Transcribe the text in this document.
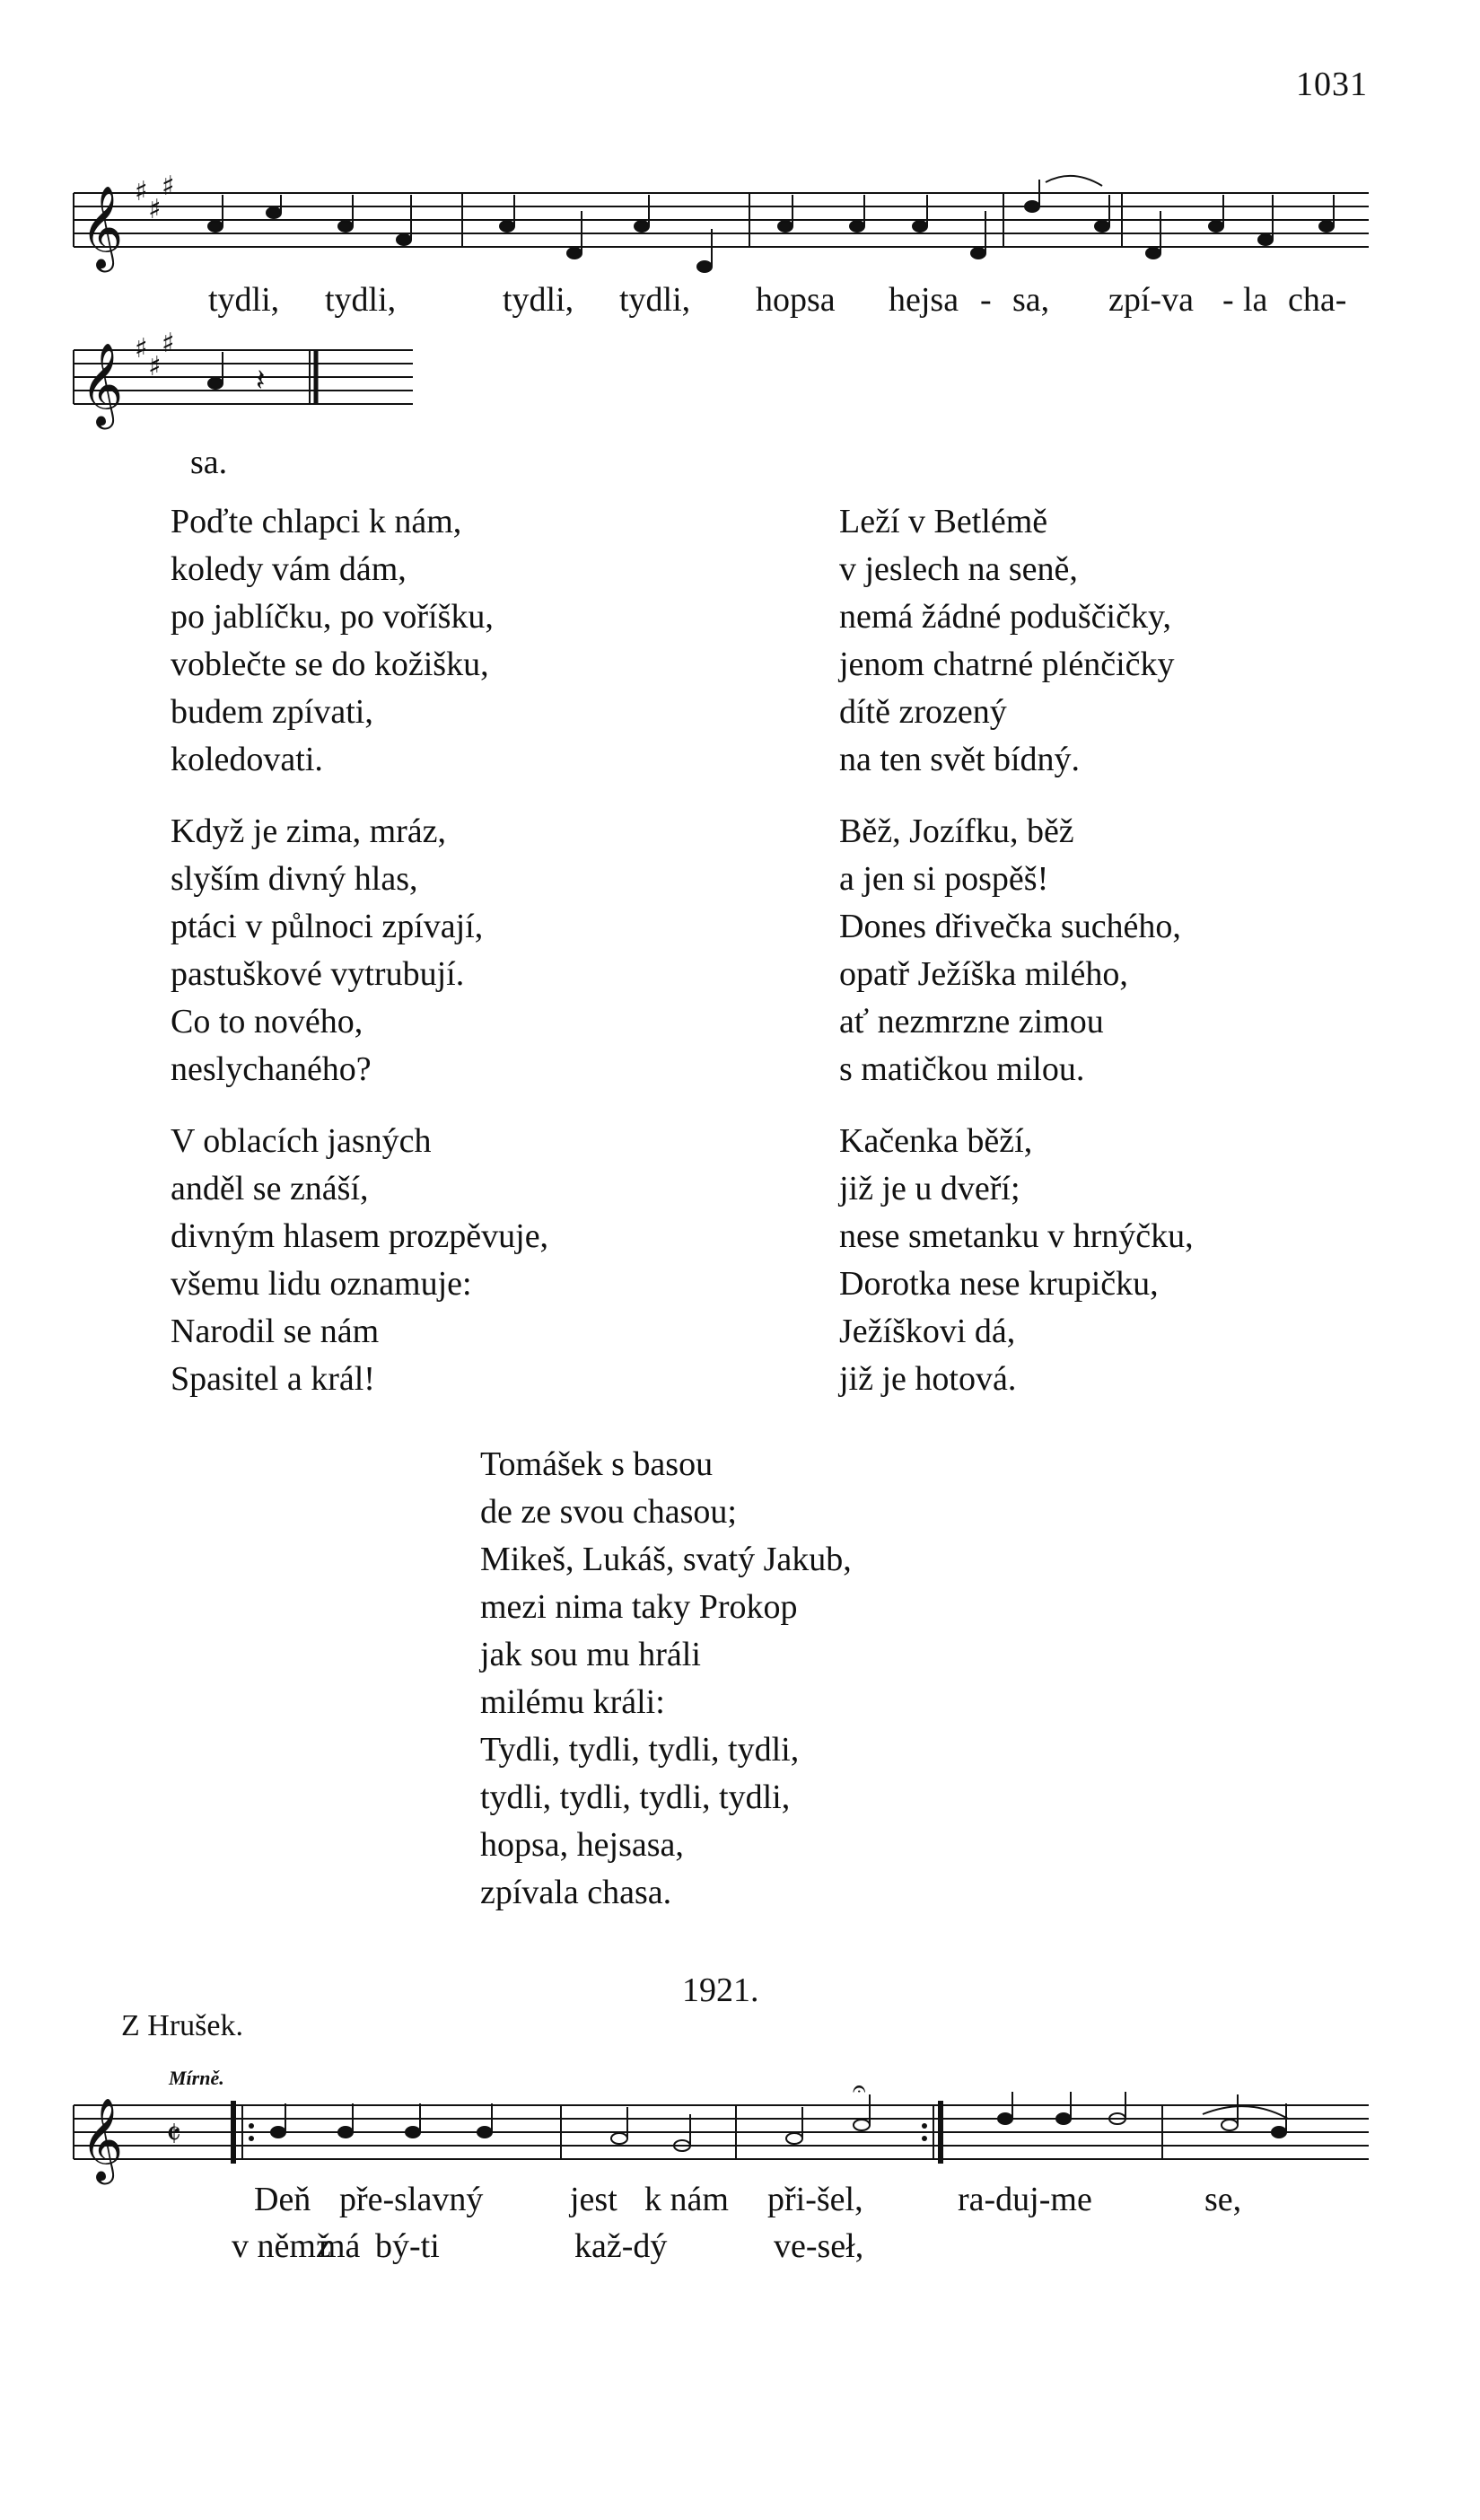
1031
𝄞 ♯
♯
♯
tydli, tydli,	tydli, tydli, hopsa hejsa - sa, zpí-va - la cha-
𝄞 ♯
♯
♯
𝄽
sa.
Poďte chlapci k nám,
koledy vám dám,
po jablíčku, po voříšku,
voblečte se do kožišku,
budem zpívati,
koledovati.
Když je zima, mráz,
slyším divný hlas,
ptáci v půlnoci zpívají,
pastuškové vytrubují.
Co to nového,
neslychaného?
V oblacích jasných
anděl se znáší,
divným hlasem prozpěvuje,
všemu lidu oznamuje:
Narodil se nám
Spasitel a král!
Leží v Betlémě
v jeslech na seně,
nemá žádné poduščičky,
jenom chatrné plénčičky
dítě zrozený
na ten svět bídný.
Běž, Jozífku, běž
a jen si pospěš!
Dones dřivečka suchého,
opatř Ježíška milého,
ať nezmrzne zimou
s matičkou milou.
Kačenka běží,
již je u dveří;
nese smetanku v hrnýčku,
Dorotka nese krupičku,
Ježíškovi dá,
již je hotová.
Tomášek s basou
de ze svou chasou;
Mikeš, Lukáš, svatý Jakub,
mezi nima taky Prokop
jak sou mu hráli
milému králi:
Tydli, tydli, tydli, tydli,
tydli, tydli, tydli, tydli,
hopsa, hejsasa,
zpívala chasa.
1921.
Z Hrušek.
Mírně.
𝄞 𝄵
𝄐
Deň pře-slavný	jest k nám při-šel,	ra-duj-me	se,
v němž
má bý-ti	kaž-dý	ve-seł,
